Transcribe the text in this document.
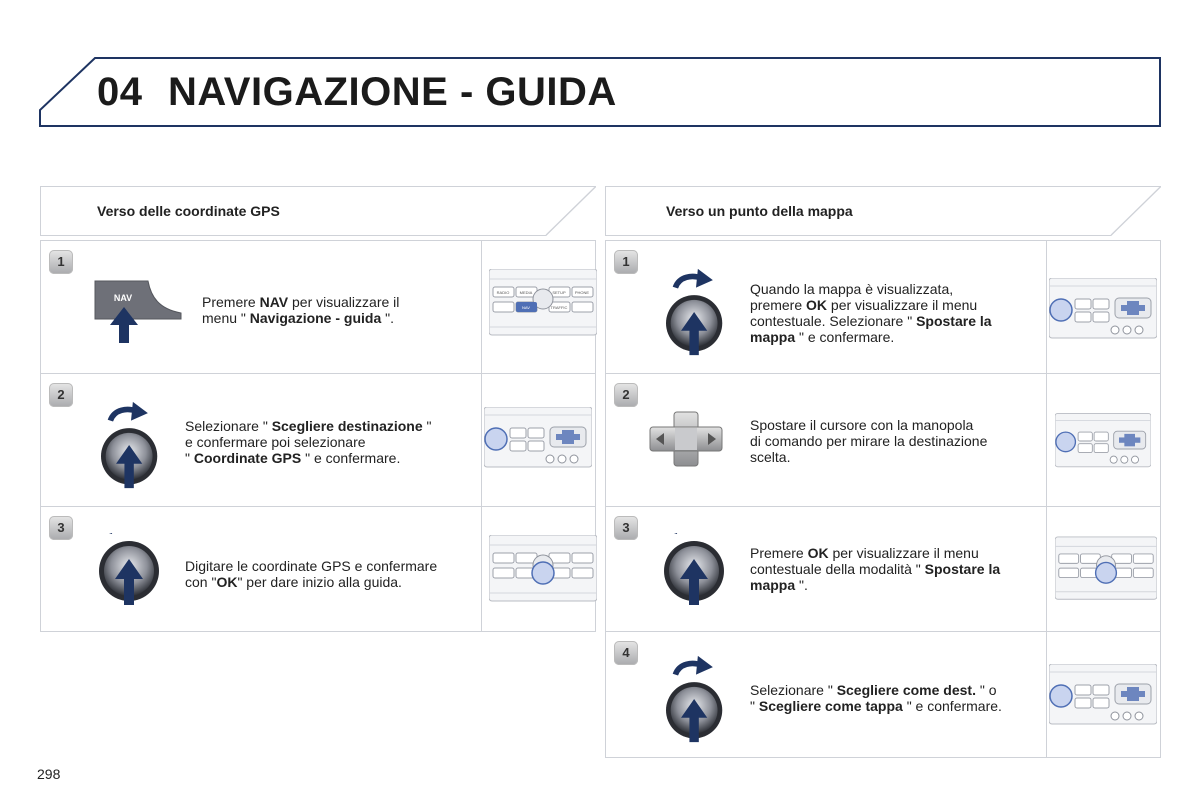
04 NAVIGAZIONE - GUIDA
Verso delle coordinate GPS	Verso un punto della mappa
1
NAV	Premere NAV per visualizzare il
menu " Navigazione - guida ".
RADIO	MEDIA	SETUP PHONE
NAV	TRAFFIC
2
Selezionare " Scegliere destinazione "
e confermare poi selezionare
" Coordinate GPS " e confermare.
3
Digitare le coordinate GPS e confermare
con "OK" per dare inizio alla guida.
1
Quando la mappa è visualizzata,
premere OK per visualizzare il menu
contestuale. Selezionare " Spostare la
mappa " e confermare.
2
Spostare il cursore con la manopola
di comando per mirare la destinazione
scelta.
3
Premere OK per visualizzare il menu
contestuale della modalità " Spostare la
mappa ".
4
Selezionare " Scegliere come dest. " o
" Scegliere come tappa " e confermare.
298
